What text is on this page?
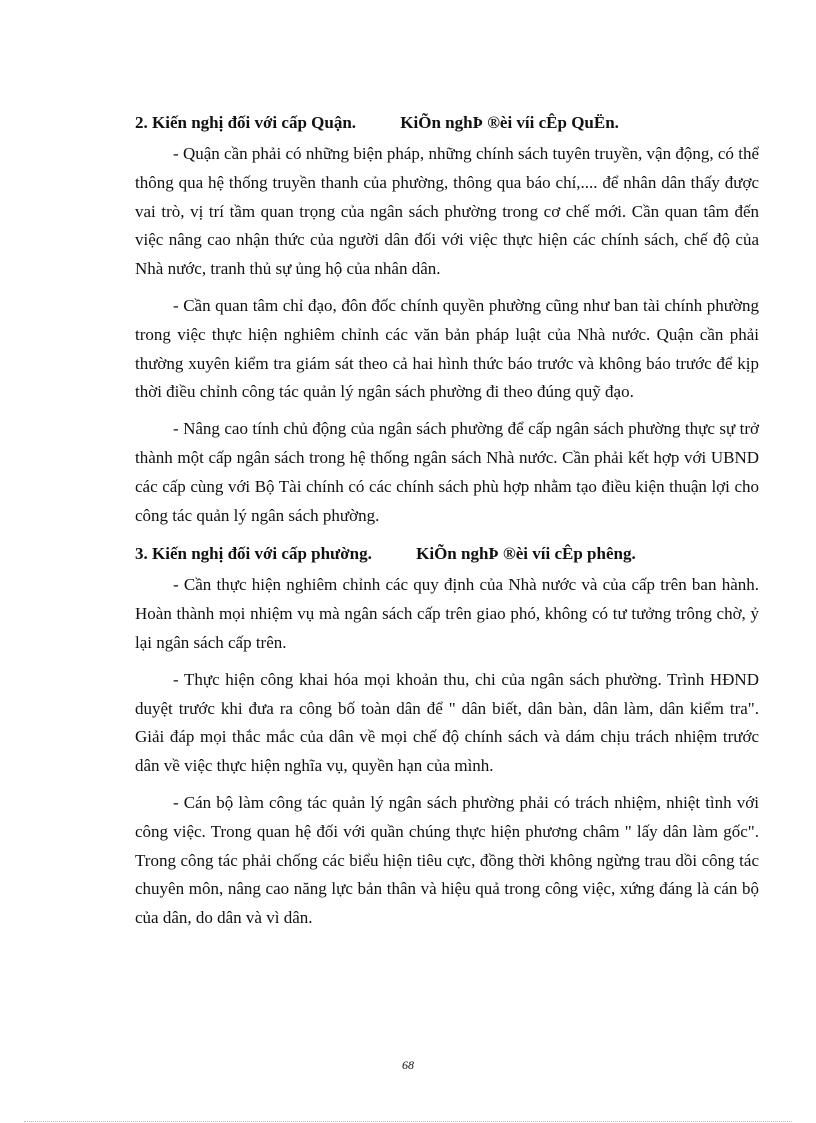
2. Kiến nghị đối với cấp Quận.	KiÕn nghÞ ®èi víi cÊp QuËn.

- Quận cần phải có những biện pháp, những chính sách tuyên truyền, vận động, có thể thông qua hệ thống truyền thanh của phường, thông qua báo chí,.... để nhân dân thấy được vai trò, vị trí tầm quan trọng của ngân sách phường trong cơ chế mới. Cần quan tâm đến việc nâng cao nhận thức của người dân đối với việc thực hiện các chính sách, chế độ của Nhà nước, tranh thủ sự ủng hộ của nhân dân.

- Cần quan tâm chỉ đạo, đôn đốc chính quyền phường cũng như ban tài chính phường trong việc thực hiện nghiêm chỉnh các văn bản pháp luật của Nhà nước. Quận cần phải thường xuyên kiểm tra giám sát theo cả hai hình thức báo trước và không báo trước để kịp thời điều chỉnh công tác quản lý ngân sách phường đi theo đúng quỹ đạo.

- Nâng cao tính chủ động của ngân sách phường để cấp ngân sách phường thực sự trở thành một cấp ngân sách trong hệ thống ngân sách Nhà nước. Cần phải kết hợp với UBND các cấp cùng với Bộ Tài chính có các chính sách phù hợp nhằm tạo điều kiện thuận lợi cho công tác quản lý ngân sách phường.

3. Kiến nghị đối với cấp phường.	KiÕn nghÞ ®èi víi cÊp phêng.

- Cần thực hiện nghiêm chỉnh các quy định của Nhà nước và của cấp trên ban hành. Hoàn thành mọi nhiệm vụ mà ngân sách cấp trên giao phó, không có tư tưởng trông chờ, ỷ lại ngân sách cấp trên.

- Thực hiện công khai hóa mọi khoản thu, chi của ngân sách phường. Trình HĐND duyệt trước khi đưa ra công bố toàn dân để " dân biết, dân bàn, dân làm, dân kiểm tra". Giải đáp mọi thắc mắc của dân về mọi chế độ chính sách và dám chịu trách nhiệm trước dân về việc thực hiện nghĩa vụ, quyền hạn của mình.

- Cán bộ làm công tác quản lý ngân sách phường phải có trách nhiệm, nhiệt tình với công việc. Trong quan hệ đối với quần chúng thực hiện phương châm " lấy dân làm gốc". Trong công tác phải chống các biểu hiện tiêu cực, đồng thời không ngừng trau dồi công tác chuyên môn, nâng cao năng lực bản thân và hiệu quả trong công việc, xứng đáng là cán bộ của dân, do dân và vì dân.

68
